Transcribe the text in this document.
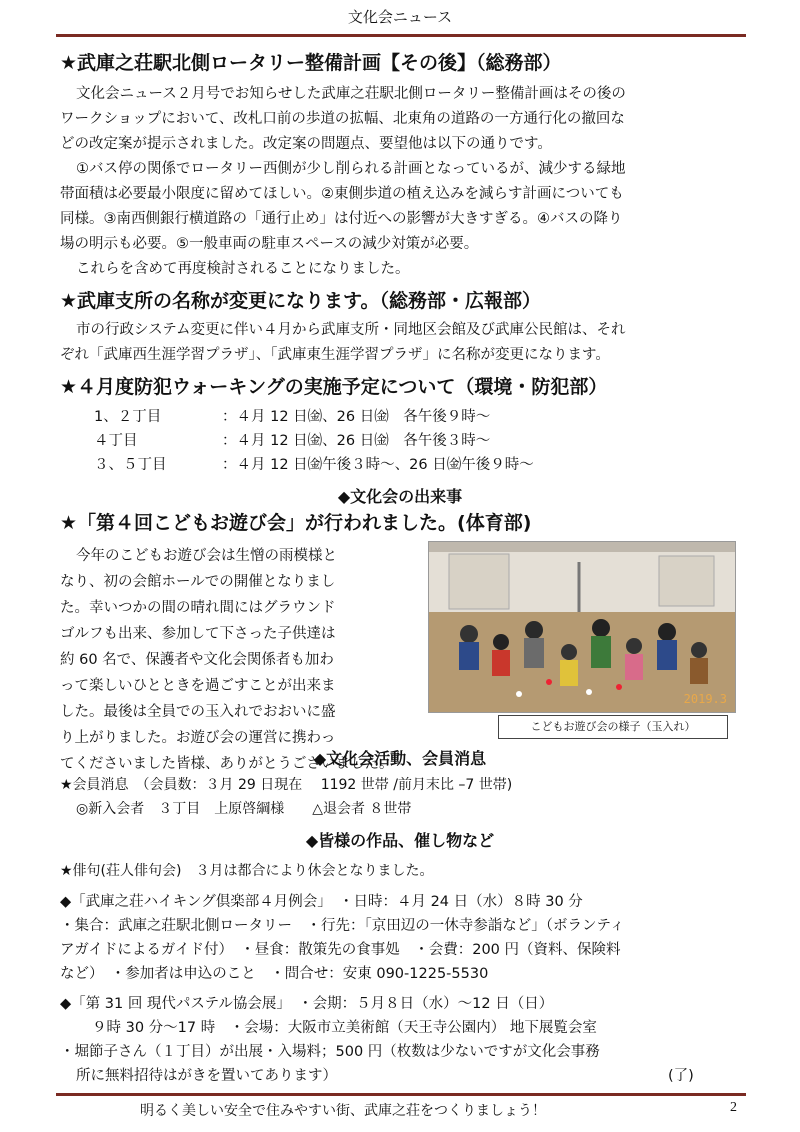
文化会ニュース
★武庫之荘駅北側ロータリー整備計画【その後】（総務部）
文化会ニュース２月号でお知らせした武庫之荘駅北側ロータリー整備計画はその後の
ワークショップにおいて、改札口前の歩道の拡幅、北東角の道路の一方通行化の撤回な
どの改定案が提示されました。改定案の問題点、要望他は以下の通りです。
①バス停の関係でロータリー西側が少し削られる計画となっているが、減少する緑地
帯面積は必要最小限度に留めてほしい。②東側歩道の植え込みを減らす計画についても
同様。③南西側銀行横道路の「通行止め」は付近への影響が大きすぎる。④バスの降り
場の明示も必要。⑤一般車両の駐車スペースの減少対策が必要。
これらを含めて再度検討されることになりました。
★武庫支所の名称が変更になります。（総務部・広報部）
市の行政システム変更に伴い４月から武庫支所・同地区会館及び武庫公民館は、それ
ぞれ「武庫西生涯学習プラザ」、「武庫東生涯学習プラザ」に名称が変更になります。
★４月度防犯ウォーキングの実施予定について（環境・防犯部）
1、２丁目	：４月 12 日㈮、26 日㈮　各午後９時～
４丁目	：４月 12 日㈮、26 日㈮　各午後３時～
３、５丁目	：４月 12 日㈮午後３時～、26 日㈮午後９時～
◆文化会の出来事
★「第４回こどもお遊び会」が行われました。(体育部)
今年のこどもお遊び会は生憎の雨模様と
なり、初の会館ホールでの開催となりまし
た。幸いつかの間の晴れ間にはグラウンド
ゴルフも出来、参加して下さった子供達は
約 60 名で、保護者や文化会関係者も加わ
って楽しいひとときを過ごすことが出来ま
した。最後は全員での玉入れでおおいに盛
り上がりました。お遊び会の運営に携わっ
てくださいました皆様、ありがとうございました。
2019.3
こどもお遊び会の様子（玉入れ）
◆文化会活動、会員消息
★会員消息　（会員数：３月 29 日現在　 1192 世帯 /前月末比 –7 世帯)
◎新入会者　３丁目　上原啓綱様　　△退会者 ８世帯
◆皆様の作品、催し物など
★俳句(荘人俳句会)　３月は都合により休会となりました。
◆「武庫之荘ハイキング倶楽部４月例会」　・日時：４月 24 日（水）８時 30 分
・集合：武庫之荘駅北側ロータリー　・行先：｢京田辺の一休寺参詣など｣（ボランティ
アガイドによるガイド付）　・昼食：散策先の食事処　・会費：200 円（資料、保険料
など）　・参加者は申込のこと　・問合せ：安東 090-1225-5530
◆「第 31 回 現代パステル協会展」　・会期：５月８日（水）～12 日（日）
９時 30 分～17 時　・会場：大阪市立美術館（天王寺公園内） 地下展覧会室
・堀節子さん（１丁目）が出展・入場料；500 円（枚数は少ないですが文化会事務
所に無料招待はがきを置いてあります）	(了)
明るく美しい安全で住みやすい街、武庫之荘をつくりましょう！	2
